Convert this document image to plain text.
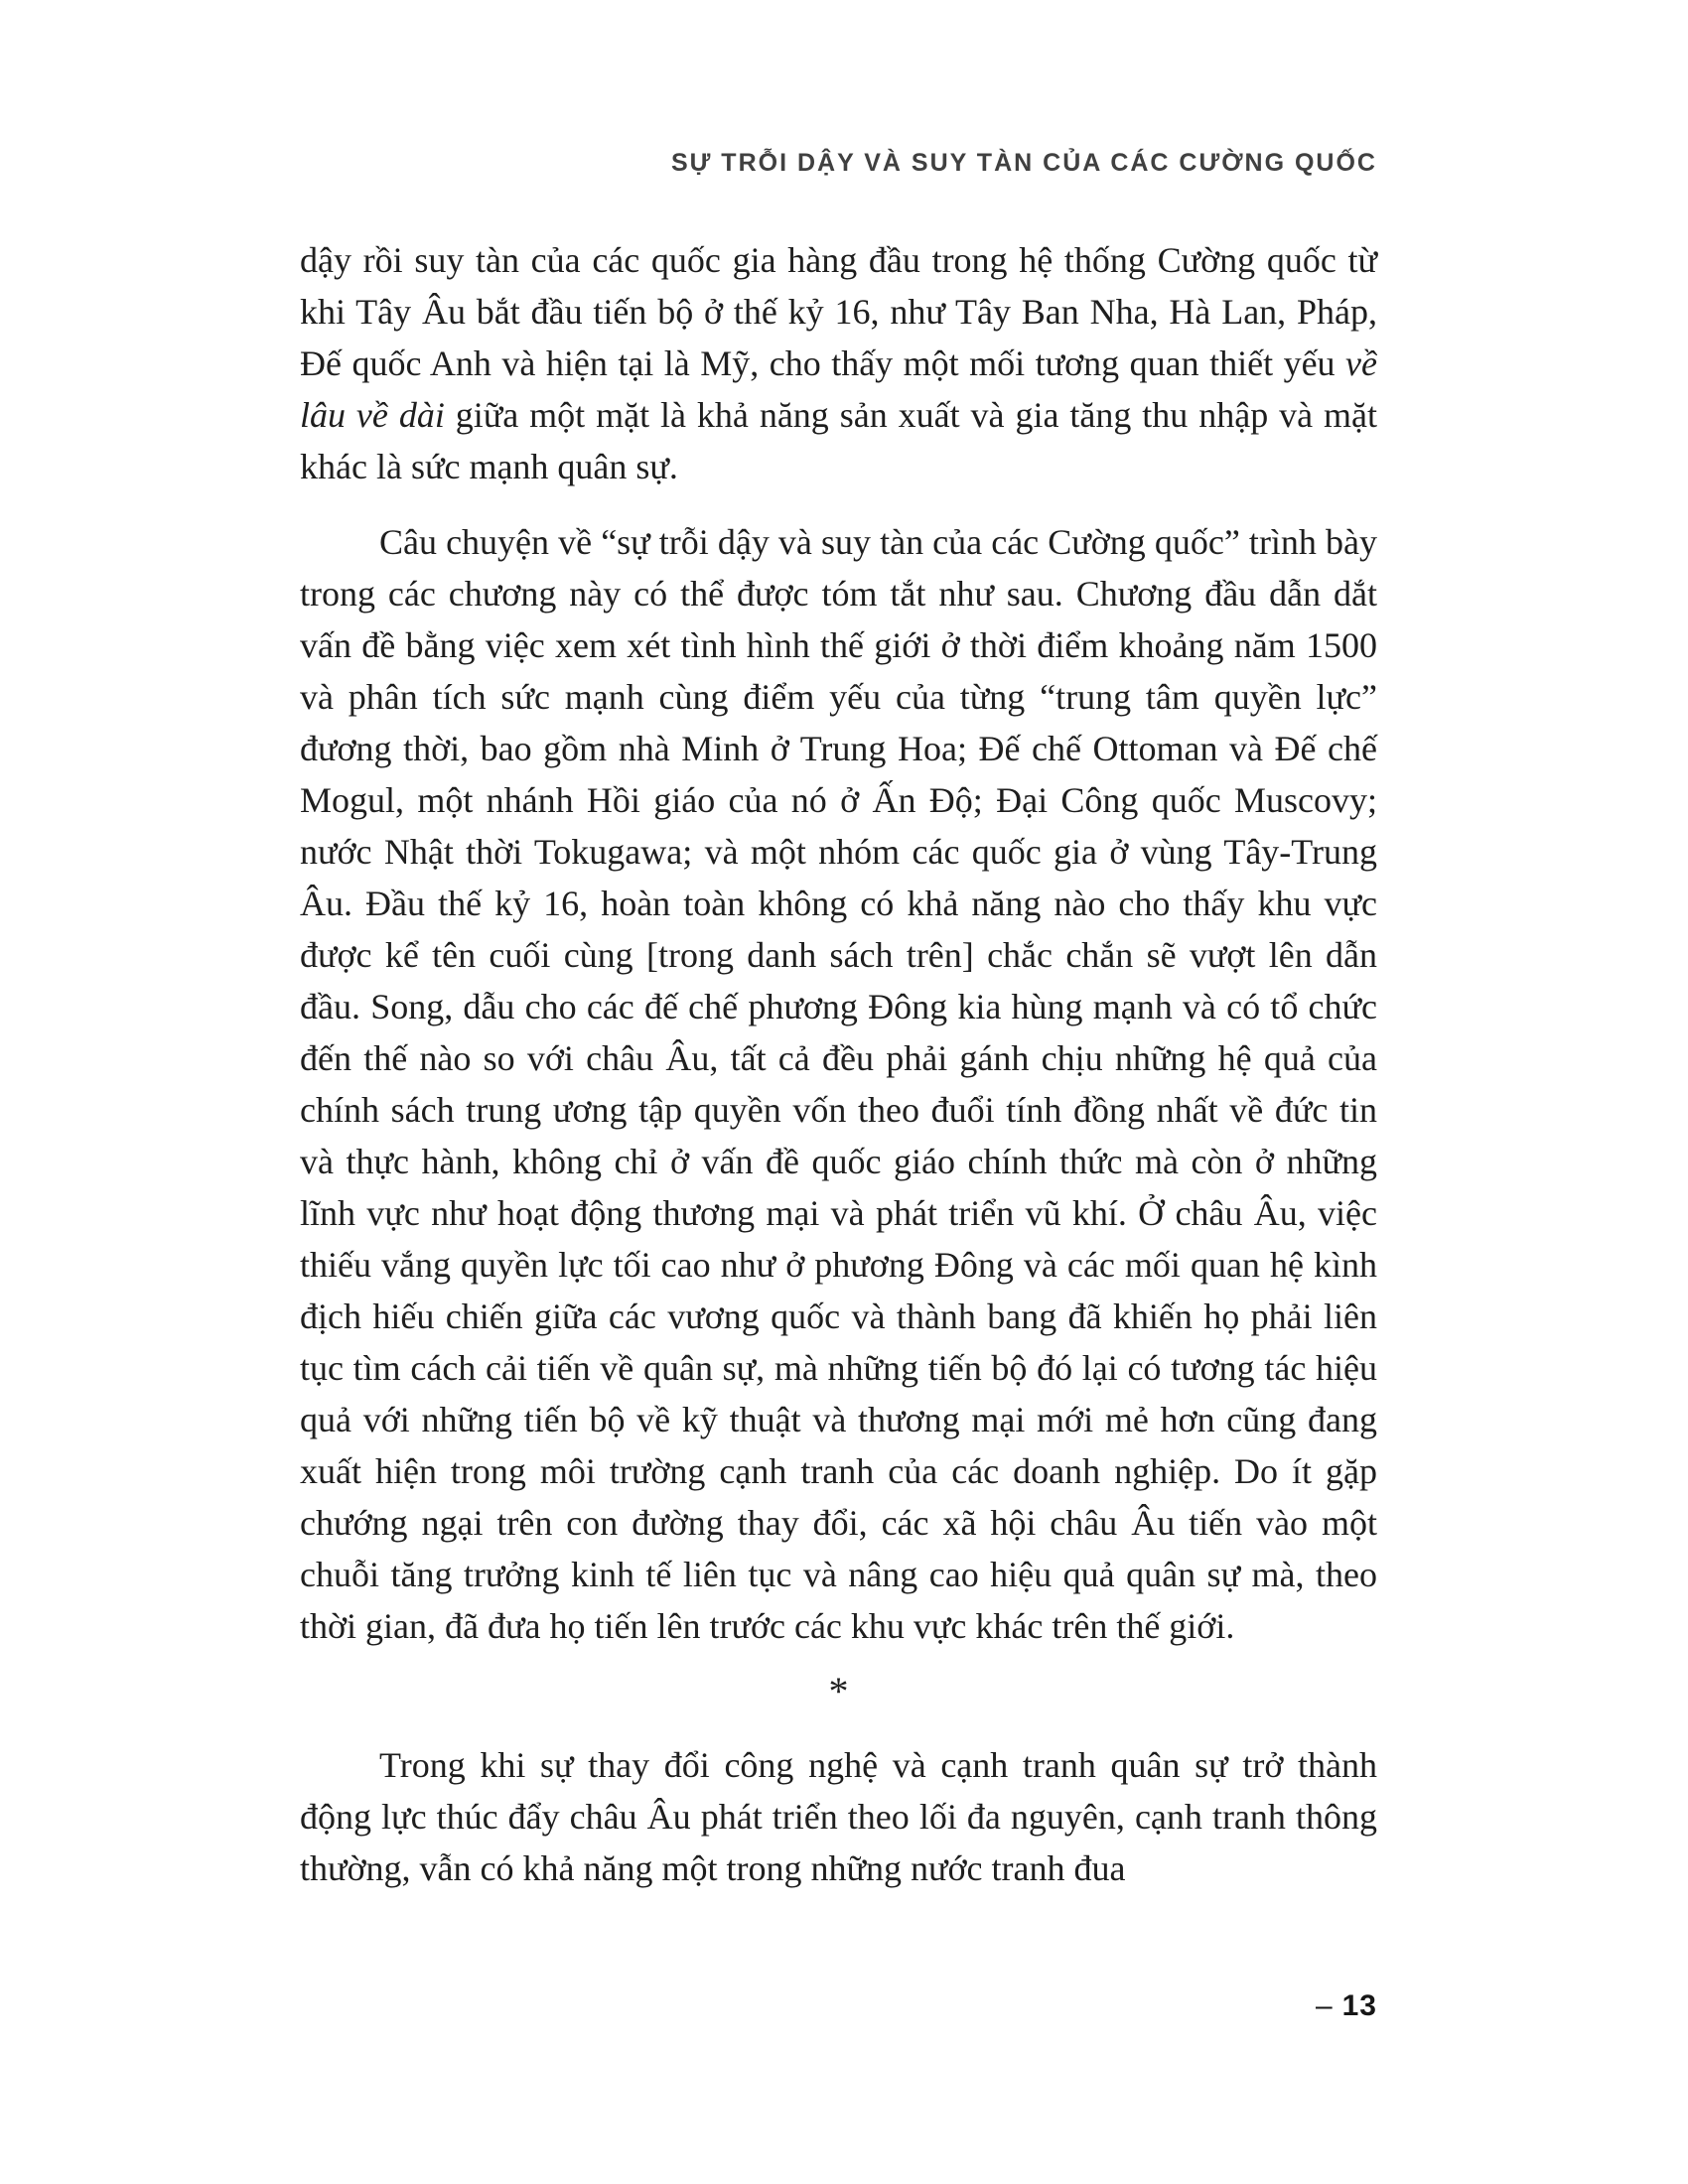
SỰ TRỖI DẬY VÀ SUY TÀN CỦA CÁC CƯỜNG QUỐC

dậy rồi suy tàn của các quốc gia hàng đầu trong hệ thống Cường quốc từ khi Tây Âu bắt đầu tiến bộ ở thế kỷ 16, như Tây Ban Nha, Hà Lan, Pháp, Đế quốc Anh và hiện tại là Mỹ, cho thấy một mối tương quan thiết yếu về lâu về dài giữa một mặt là khả năng sản xuất và gia tăng thu nhập và mặt khác là sức mạnh quân sự.

Câu chuyện về “sự trỗi dậy và suy tàn của các Cường quốc” trình bày trong các chương này có thể được tóm tắt như sau. Chương đầu dẫn dắt vấn đề bằng việc xem xét tình hình thế giới ở thời điểm khoảng năm 1500 và phân tích sức mạnh cùng điểm yếu của từng “trung tâm quyền lực” đương thời, bao gồm nhà Minh ở Trung Hoa; Đế chế Ottoman và Đế chế Mogul, một nhánh Hồi giáo của nó ở Ấn Độ; Đại Công quốc Muscovy; nước Nhật thời Tokugawa; và một nhóm các quốc gia ở vùng Tây-Trung Âu. Đầu thế kỷ 16, hoàn toàn không có khả năng nào cho thấy khu vực được kể tên cuối cùng [trong danh sách trên] chắc chắn sẽ vượt lên dẫn đầu. Song, dẫu cho các đế chế phương Đông kia hùng mạnh và có tổ chức đến thế nào so với châu Âu, tất cả đều phải gánh chịu những hệ quả của chính sách trung ương tập quyền vốn theo đuổi tính đồng nhất về đức tin và thực hành, không chỉ ở vấn đề quốc giáo chính thức mà còn ở những lĩnh vực như hoạt động thương mại và phát triển vũ khí. Ở châu Âu, việc thiếu vắng quyền lực tối cao như ở phương Đông và các mối quan hệ kình địch hiếu chiến giữa các vương quốc và thành bang đã khiến họ phải liên tục tìm cách cải tiến về quân sự, mà những tiến bộ đó lại có tương tác hiệu quả với những tiến bộ về kỹ thuật và thương mại mới mẻ hơn cũng đang xuất hiện trong môi trường cạnh tranh của các doanh nghiệp. Do ít gặp chướng ngại trên con đường thay đổi, các xã hội châu Âu tiến vào một chuỗi tăng trưởng kinh tế liên tục và nâng cao hiệu quả quân sự mà, theo thời gian, đã đưa họ tiến lên trước các khu vực khác trên thế giới.

*

Trong khi sự thay đổi công nghệ và cạnh tranh quân sự trở thành động lực thúc đẩy châu Âu phát triển theo lối đa nguyên, cạnh tranh thông thường, vẫn có khả năng một trong những nước tranh đua

– 13
